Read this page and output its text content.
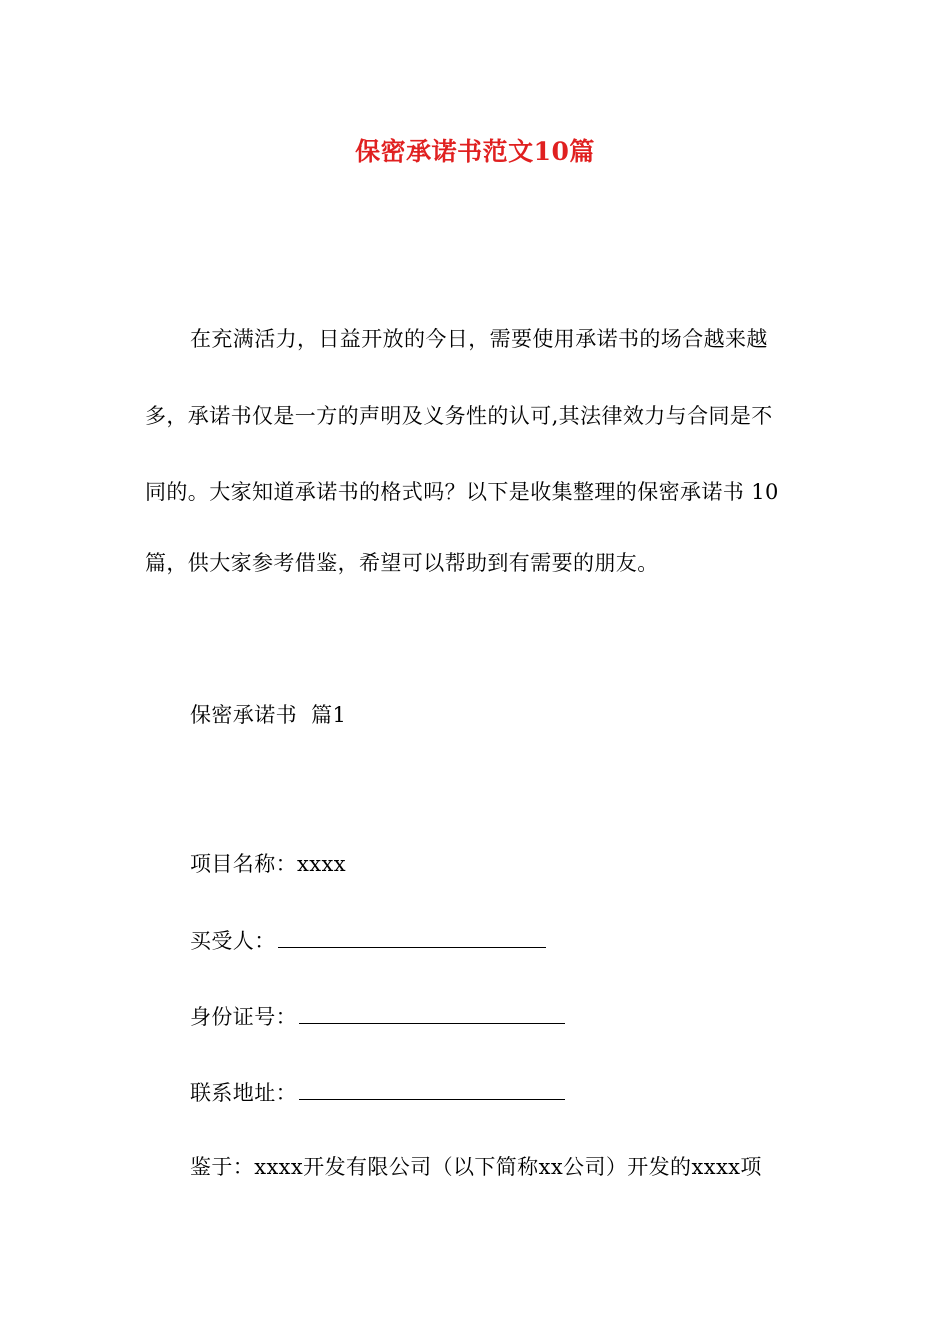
保密承诺书范文10篇
在充满活力，日益开放的今日，需要使用承诺书的场合越来越
多，承诺书仅是一方的声明及义务性的认可,其法律效力与合同是不
同的。大家知道承诺书的格式吗？以下是收集整理的保密承诺书 10
篇，供大家参考借鉴，希望可以帮助到有需要的朋友。
保密承诺书  篇1
项目名称：xxxx
买受人：
身份证号：
联系地址：
鉴于：xxxx开发有限公司（以下简称xx公司）开发的xxxx项
